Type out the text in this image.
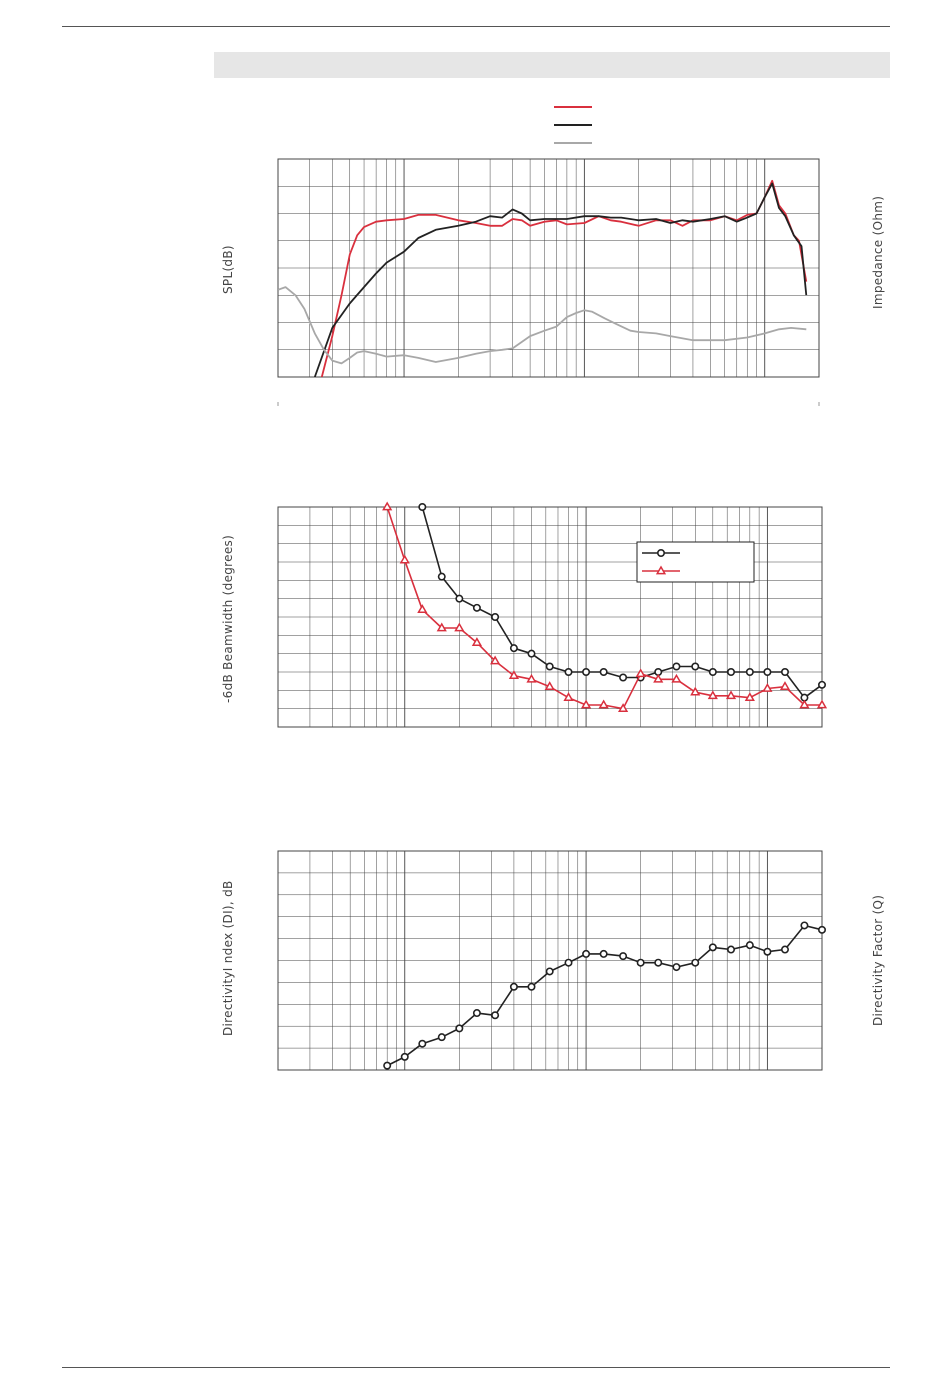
SPL(dB)	Impedance (Ohm)
-6dB Beamwidth (degrees)
DirectivityI ndex (DI), dB	Directivity Factor (Q)
